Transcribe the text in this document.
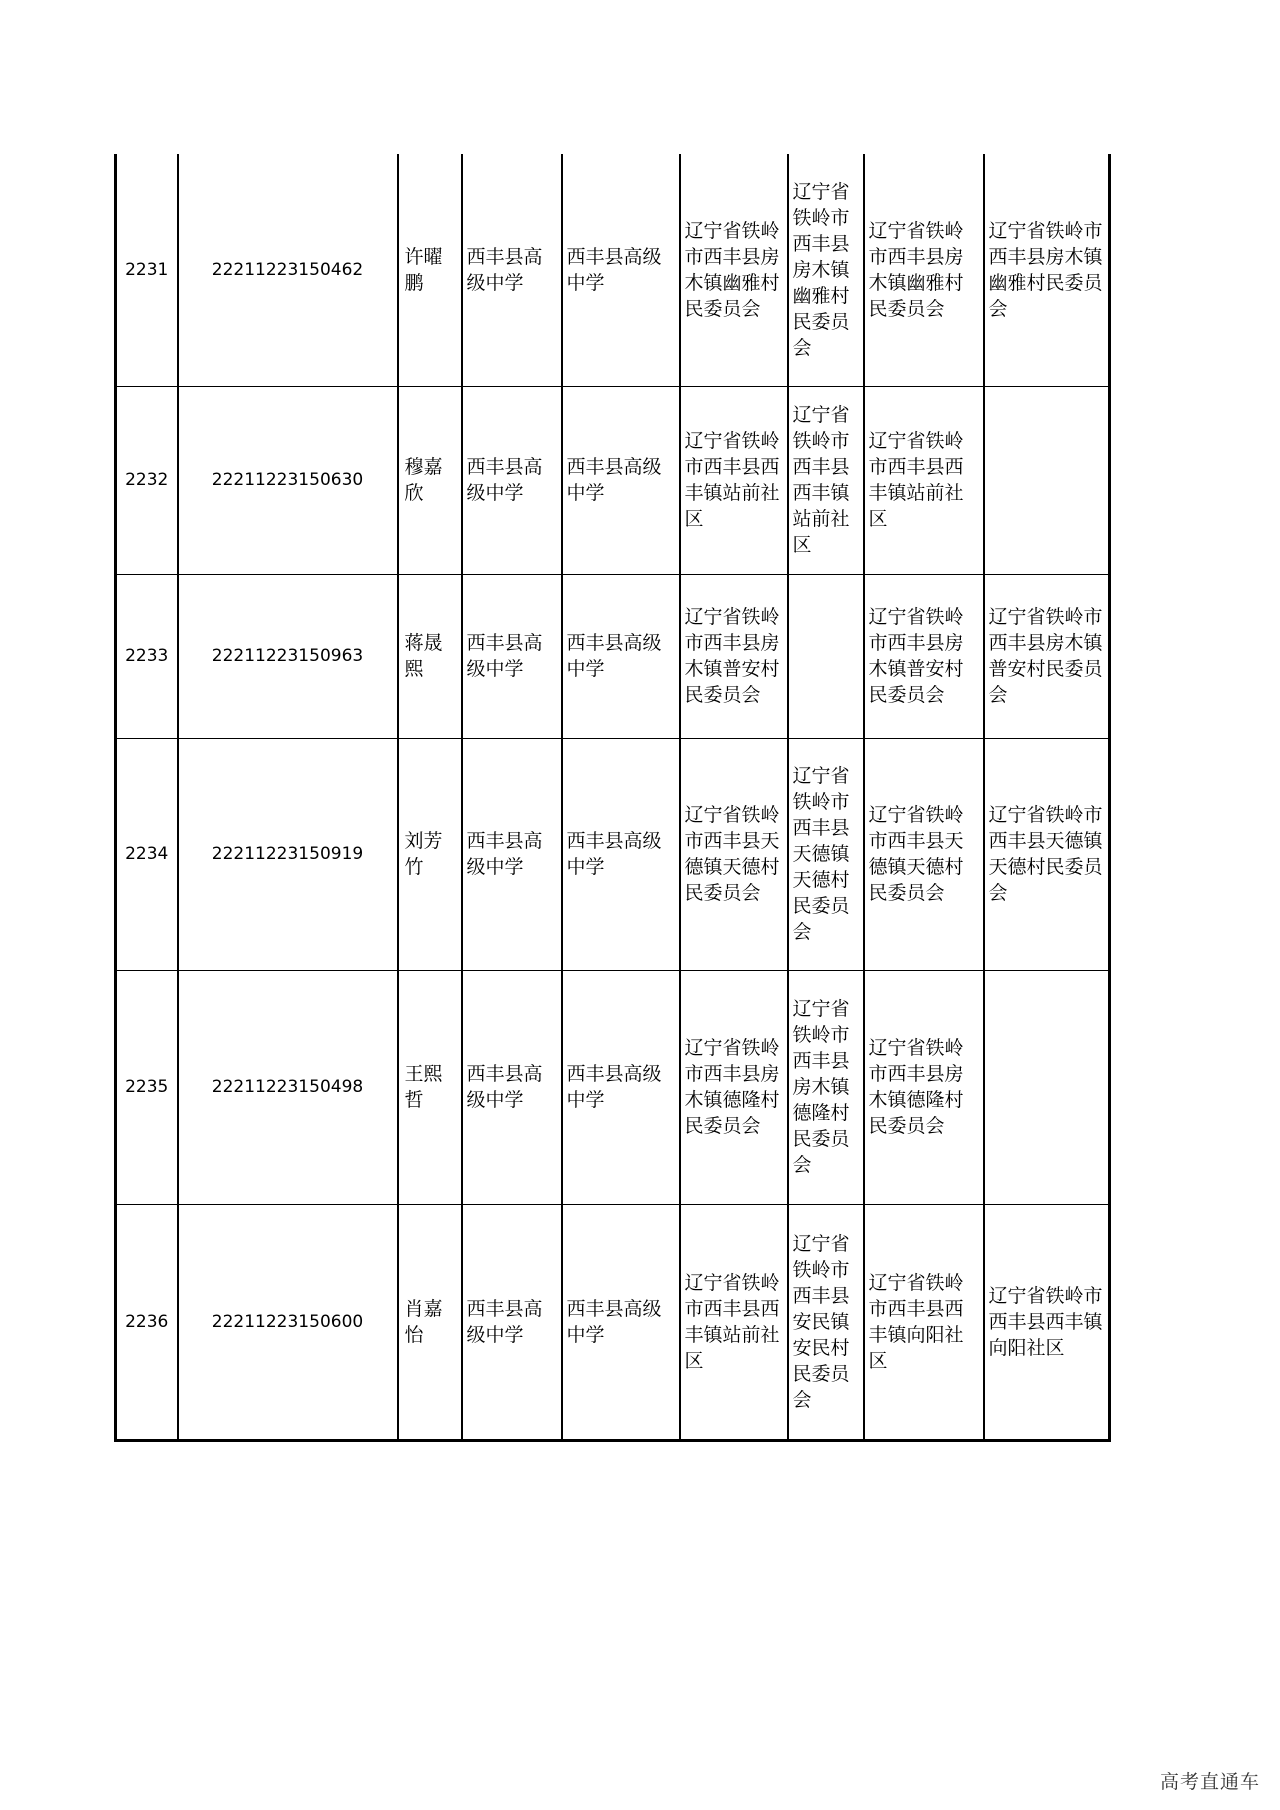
2231	22211223150462	许曜鹏	西丰县高级中学	西丰县高级中学	辽宁省铁岭市西丰县房木镇幽雅村民委员会	辽宁省铁岭市西丰县房木镇幽雅村民委员会	辽宁省铁岭市西丰县房木镇幽雅村民委员会	辽宁省铁岭市西丰县房木镇幽雅村民委员会
2232	22211223150630	穆嘉欣	西丰县高级中学	西丰县高级中学	辽宁省铁岭市西丰县西丰镇站前社区	辽宁省铁岭市西丰县西丰镇站前社区	辽宁省铁岭市西丰县西丰镇站前社区	
2233	22211223150963	蒋晟熙	西丰县高级中学	西丰县高级中学	辽宁省铁岭市西丰县房木镇普安村民委员会		辽宁省铁岭市西丰县房木镇普安村民委员会	辽宁省铁岭市西丰县房木镇普安村民委员会
2234	22211223150919	刘芳竹	西丰县高级中学	西丰县高级中学	辽宁省铁岭市西丰县天德镇天德村民委员会	辽宁省铁岭市西丰县天德镇天德村民委员会	辽宁省铁岭市西丰县天德镇天德村民委员会	辽宁省铁岭市西丰县天德镇天德村民委员会
2235	22211223150498	王熙哲	西丰县高级中学	西丰县高级中学	辽宁省铁岭市西丰县房木镇德隆村民委员会	辽宁省铁岭市西丰县房木镇德隆村民委员会	辽宁省铁岭市西丰县房木镇德隆村民委员会	
2236	22211223150600	肖嘉怡	西丰县高级中学	西丰县高级中学	辽宁省铁岭市西丰县西丰镇站前社区	辽宁省铁岭市西丰县安民镇安民村民委员会	辽宁省铁岭市西丰县西丰镇向阳社区	辽宁省铁岭市西丰县西丰镇向阳社区
高考直通车
